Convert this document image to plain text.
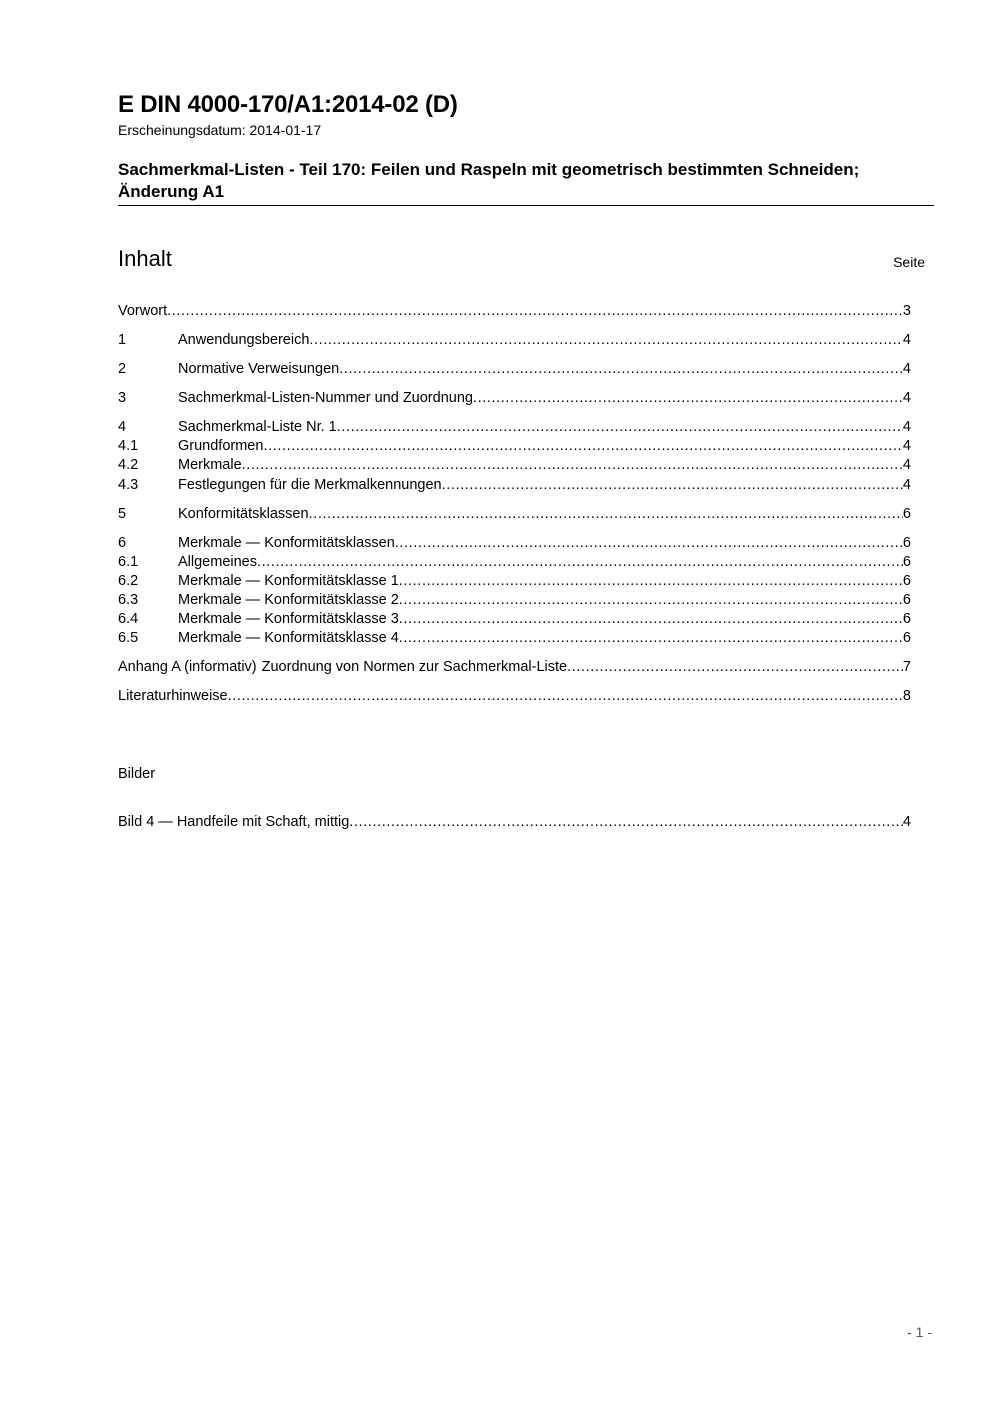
E DIN 4000-170/A1:2014-02 (D)
Erscheinungsdatum: 2014-01-17
Sachmerkmal-Listen - Teil 170: Feilen und Raspeln mit geometrisch bestimmten Schneiden; Änderung A1
Inhalt	Seite
Vorwort .....	3
1	Anwendungsbereich .....	4
2	Normative Verweisungen .....	4
3	Sachmerkmal-Listen-Nummer und Zuordnung .....	4
4	Sachmerkmal-Liste Nr. 1 .....	4
4.1	Grundformen .....	4
4.2	Merkmale .....	4
4.3	Festlegungen für die Merkmalkennungen .....	4
5	Konformitätsklassen .....	6
6	Merkmale — Konformitätsklassen .....	6
6.1	Allgemeines .....	6
6.2	Merkmale — Konformitätsklasse 1 .....	6
6.3	Merkmale — Konformitätsklasse 2 .....	6
6.4	Merkmale — Konformitätsklasse 3 .....	6
6.5	Merkmale — Konformitätsklasse 4 .....	6
Anhang A (informativ) Zuordnung von Normen zur Sachmerkmal-Liste .....	7
Literaturhinweise .....	8
Bilder
Bild 4 — Handfeile mit Schaft, mittig .....	4
- 1 -
